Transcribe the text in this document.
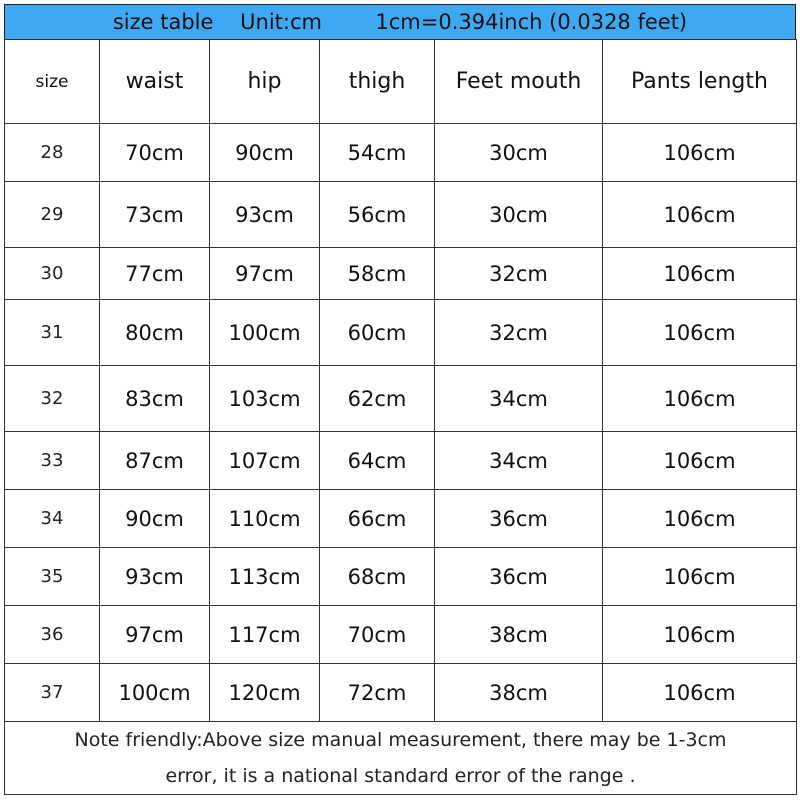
size table    Unit:cm        1cm=0.394inch (0.0328 feet)
size	waist	hip	thigh	Feet mouth	Pants length
28	70cm	90cm	54cm	30cm	106cm
29	73cm	93cm	56cm	30cm	106cm
30	77cm	97cm	58cm	32cm	106cm
31	80cm	100cm	60cm	32cm	106cm
32	83cm	103cm	62cm	34cm	106cm
33	87cm	107cm	64cm	34cm	106cm
34	90cm	110cm	66cm	36cm	106cm
35	93cm	113cm	68cm	36cm	106cm
36	97cm	117cm	70cm	38cm	106cm
37	100cm	120cm	72cm	38cm	106cm

Note friendly:Above size manual measurement, there may be 1-3cm
error, it is a national standard error of the range .					
